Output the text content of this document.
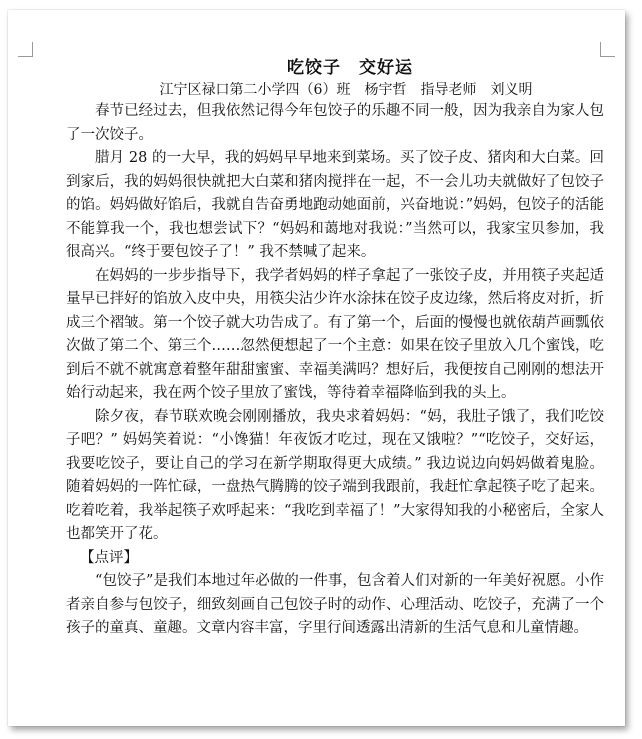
吃饺子　交好运
江宁区禄口第二小学四（6）班　杨宇哲　指导老师　刘义明

春节已经过去，但我依然记得今年包饺子的乐趣不同一般，因为我亲自为家人包了一次饺子。

腊月 28 的一大早，我的妈妈早早地来到菜场。买了饺子皮、猪肉和大白菜。回到家后，我的妈妈很快就把大白菜和猪肉搅拌在一起，不一会儿功夫就做好了包饺子的馅。妈妈做好馅后，我就自告奋勇地跑动她面前，兴奋地说：”妈妈，包饺子的活能不能算我一个，我也想尝试下？“妈妈和蔼地对我说：”当然可以，我家宝贝参加，我很高兴。“终于要包饺子了！” 我不禁喊了起来。

在妈妈的一步步指导下，我学者妈妈的样子拿起了一张饺子皮，并用筷子夹起适量早已拌好的馅放入皮中央，用筷尖沾少许水涂抹在饺子皮边缘，然后将皮对折，折成三个褶皱。第一个饺子就大功告成了。有了第一个，后面的慢慢也就依葫芦画瓢依次做了第二个、第三个……忽然便想起了一个主意：如果在饺子里放入几个蜜饯，吃到后不就不就寓意着整年甜甜蜜蜜、幸福美满吗？想好后，我便按自己刚刚的想法开始行动起来，我在两个饺子里放了蜜饯，等待着幸福降临到我的头上。

除夕夜，春节联欢晚会刚刚播放，我央求着妈妈：“妈，我肚子饿了，我们吃饺子吧？” 妈妈笑着说：“小馋猫！年夜饭才吃过，现在又饿啦？”“吃饺子，交好运，我要吃饺子，要让自己的学习在新学期取得更大成绩。” 我边说边向妈妈做着鬼脸。随着妈妈的一阵忙碌，一盘热气腾腾的饺子端到我跟前，我赶忙拿起筷子吃了起来。吃着吃着，我举起筷子欢呼起来：“我吃到幸福了！”大家得知我的小秘密后，全家人也都笑开了花。

【点评】

“包饺子”是我们本地过年必做的一件事，包含着人们对新的一年美好祝愿。小作者亲自参与包饺子，细致刻画自己包饺子时的动作、心理活动、吃饺子，充满了一个孩子的童真、童趣。文章内容丰富，字里行间透露出清新的生活气息和儿童情趣。
